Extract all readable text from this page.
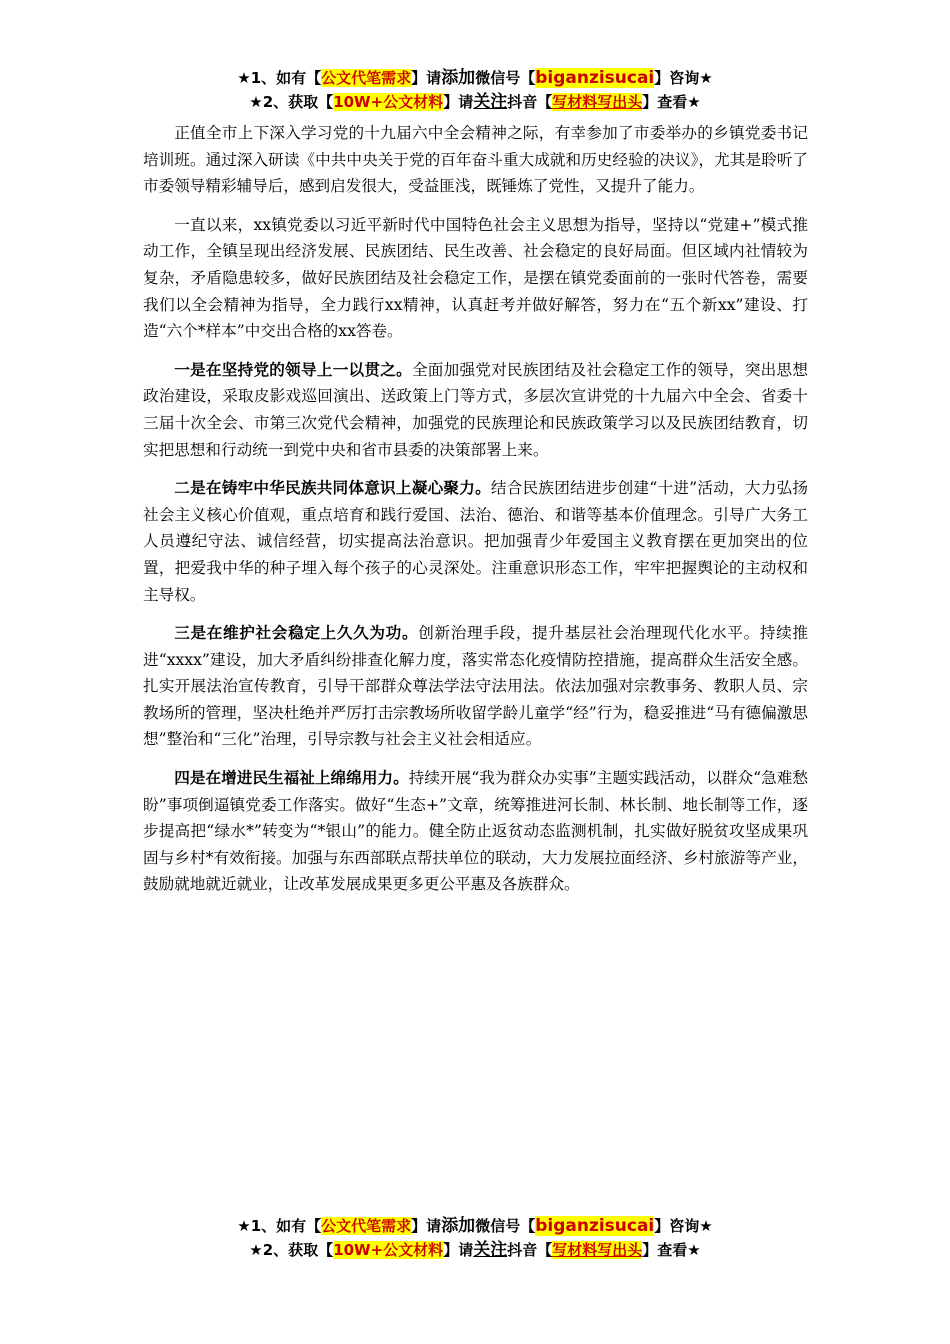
★1、如有【公文代笔需求】请添加微信号【biganzisucai】咨询★
★2、获取【10W+公文材料】请关注抖音【写材料写出头】查看★

正值全市上下深入学习党的十九届六中全会精神之际，有幸参加了市委举办的乡镇党委书记培训班。通过深入研读《中共中央关于党的百年奋斗重大成就和历史经验的决议》，尤其是聆听了市委领导精彩辅导后，感到启发很大，受益匪浅，既锤炼了党性，又提升了能力。

一直以来，xx镇党委以习近平新时代中国特色社会主义思想为指导，坚持以“党建+”模式推动工作，全镇呈现出经济发展、民族团结、民生改善、社会稳定的良好局面。但区域内社情较为复杂，矛盾隐患较多，做好民族团结及社会稳定工作，是摆在镇党委面前的一张时代答卷，需要我们以全会精神为指导，全力践行xx精神，认真赶考并做好解答，努力在“五个新xx”建设、打造“六个*样本”中交出合格的xx答卷。

一是在坚持党的领导上一以贯之。全面加强党对民族团结及社会稳定工作的领导，突出思想政治建设，采取皮影戏巡回演出、送政策上门等方式，多层次宣讲党的十九届六中全会、省委十三届十次全会、市第三次党代会精神，加强党的民族理论和民族政策学习以及民族团结教育，切实把思想和行动统一到党中央和省市县委的决策部署上来。

二是在铸牢中华民族共同体意识上凝心聚力。结合民族团结进步创建“十进”活动，大力弘扬社会主义核心价值观，重点培育和践行爱国、法治、德治、和谐等基本价值理念。引导广大务工人员遵纪守法、诚信经营，切实提高法治意识。把加强青少年爱国主义教育摆在更加突出的位置，把爱我中华的种子埋入每个孩子的心灵深处。注重意识形态工作，牢牢把握舆论的主动权和主导权。

三是在维护社会稳定上久久为功。创新治理手段，提升基层社会治理现代化水平。持续推进“xxxx”建设，加大矛盾纠纷排查化解力度，落实常态化疫情防控措施，提高群众生活安全感。扎实开展法治宣传教育，引导干部群众尊法学法守法用法。依法加强对宗教事务、教职人员、宗教场所的管理，坚决杜绝并严厉打击宗教场所收留学龄儿童学“经”行为，稳妥推进“马有德偏激思想”整治和“三化”治理，引导宗教与社会主义社会相适应。

四是在增进民生福祉上绵绵用力。持续开展“我为群众办实事”主题实践活动，以群众“急难愁盼”事项倒逼镇党委工作落实。做好“生态+”文章，统筹推进河长制、林长制、地长制等工作，逐步提高把“绿水*”转变为“*银山”的能力。健全防止返贫动态监测机制，扎实做好脱贫攻坚成果巩固与乡村*有效衔接。加强与东西部联点帮扶单位的联动，大力发展拉面经济、乡村旅游等产业，鼓励就地就近就业，让改革发展成果更多更公平惠及各族群众。

★1、如有【公文代笔需求】请添加微信号【biganzisucai】咨询★
★2、获取【10W+公文材料】请关注抖音【写材料写出头】查看★
